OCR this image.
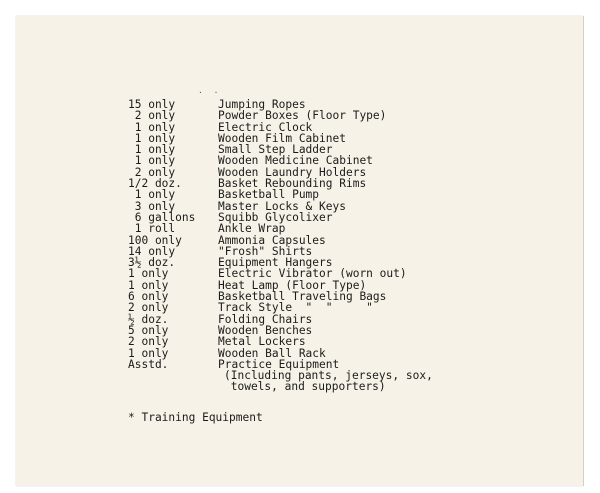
. .
15 only	Jumping Ropes
2 only	Powder Boxes (Floor Type)
1 only	Electric Clock
1 only	Wooden Film Cabinet
1 only	Small Step Ladder
1 only	Wooden Medicine Cabinet
2 only	Wooden Laundry Holders
1/2 doz.	Basket Rebounding Rims
1 only	Basketball Pump
3 only	Master Locks & Keys
6 gallons	Squibb Glycolixer
1 roll	Ankle Wrap
100 only	Ammonia Capsules
14 only	"Frosh" Shirts
3½ doz.	Equipment Hangers
1 only	Electric Vibrator (worn out)
1 only	Heat Lamp (Floor Type)
6 only	Basketball Traveling Bags
2 only	Track Style  "  "     "
½ doz.	Folding Chairs
5 only	Wooden Benches
2 only	Metal Lockers
1 only	Wooden Ball Rack
Asstd.	Practice Equipment
(Including pants, jerseys, sox,
towels, and supporters)
* Training Equipment
